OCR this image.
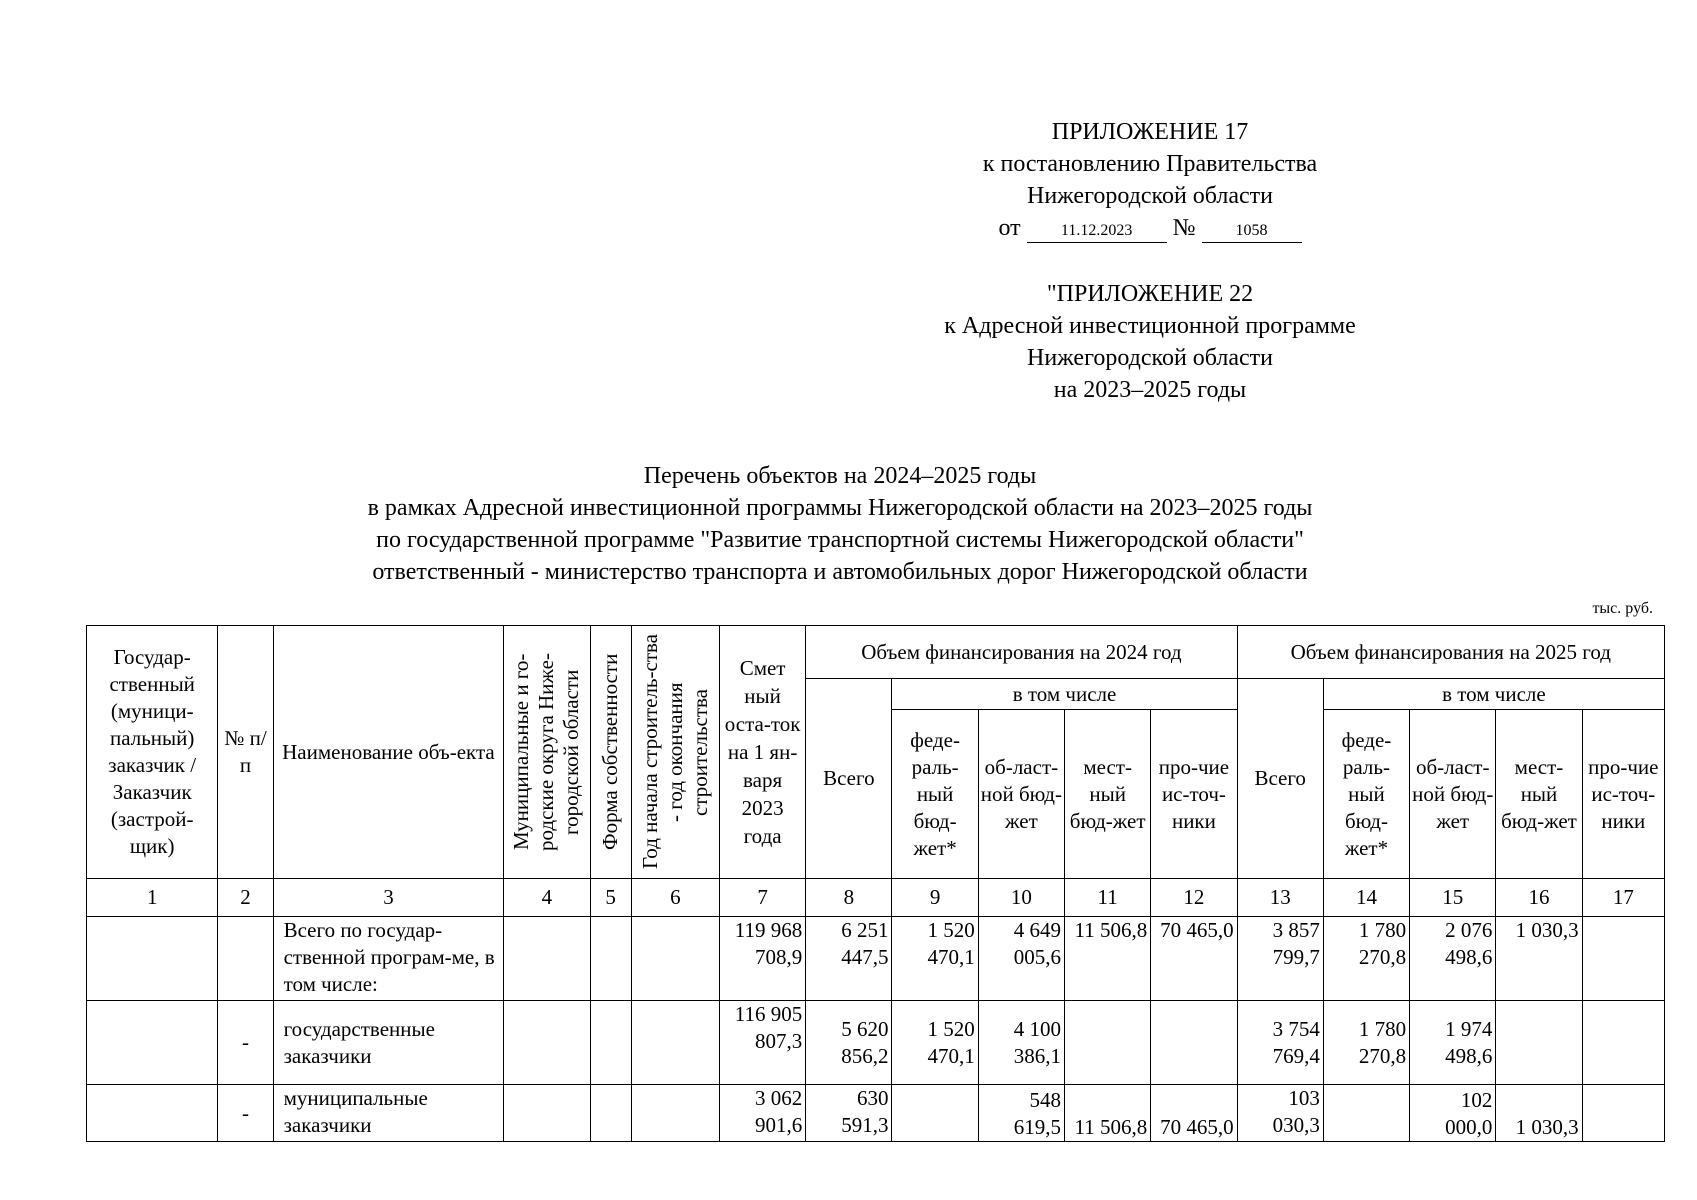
ПРИЛОЖЕНИЕ 17
к постановлению Правительства
Нижегородской области
от	11.12.2023 №	1058
"ПРИЛОЖЕНИЕ 22
к Адресной инвестиционной программе
Нижегородской области
на 2023–2025 годы
Перечень объектов на 2024–2025 годы
в рамках Адресной инвестиционной программы Нижегородской области на 2023–2025 годы
по государственной программе "Развитие транспортной системы Нижегородской области"
ответственный - министерство транспорта и автомобильных дорог Нижегородской области
тыс. руб.
Государ-ственный (муници-пальный) заказчик / Заказчик (застрой-щик)	№ п/п	Наименование объ-екта	Муниципальные и го-родские округа Ниже-городской области	Форма собственности	Год начала строитель-ства - год окончания строительства	Смет ный оста-ток на 1 ян-варя 2023 года	Объем финансирования на 2024 год					Объем финансирования на 2025 год				
							Всего	в том числе				Всего	в том числе			
								феде-раль-ный бюд-жет*	об-ласт-ной бюд-жет	мест-ный бюд-жет	про-чие ис-точ-ники		феде-раль-ный бюд-жет*	об-ласт-ной бюд-жет	мест-ный бюд-жет	про-чие ис-точ-ники
1	2	3	4	5	6	7	8	9	10	11	12	13	14	15	16	17
		Всего по государ-ственной програм-ме, в том числе:				119 968 708,9	6 251 447,5	1 520 470,1	4 649 005,6	11 506,8	70 465,0	3 857 799,7	1 780 270,8	2 076 498,6	1 030,3	
	-	государственные заказчики				116 905 807,3	5 620 856,2	1 520 470,1	4 100 386,1			3 754 769,4	1 780 270,8	1 974 498,6		
	-	муниципальные заказчики				3 062 901,6	630 591,3		548 619,5	11 506,8	70 465,0	103 030,3		102 000,0	1 030,3	
